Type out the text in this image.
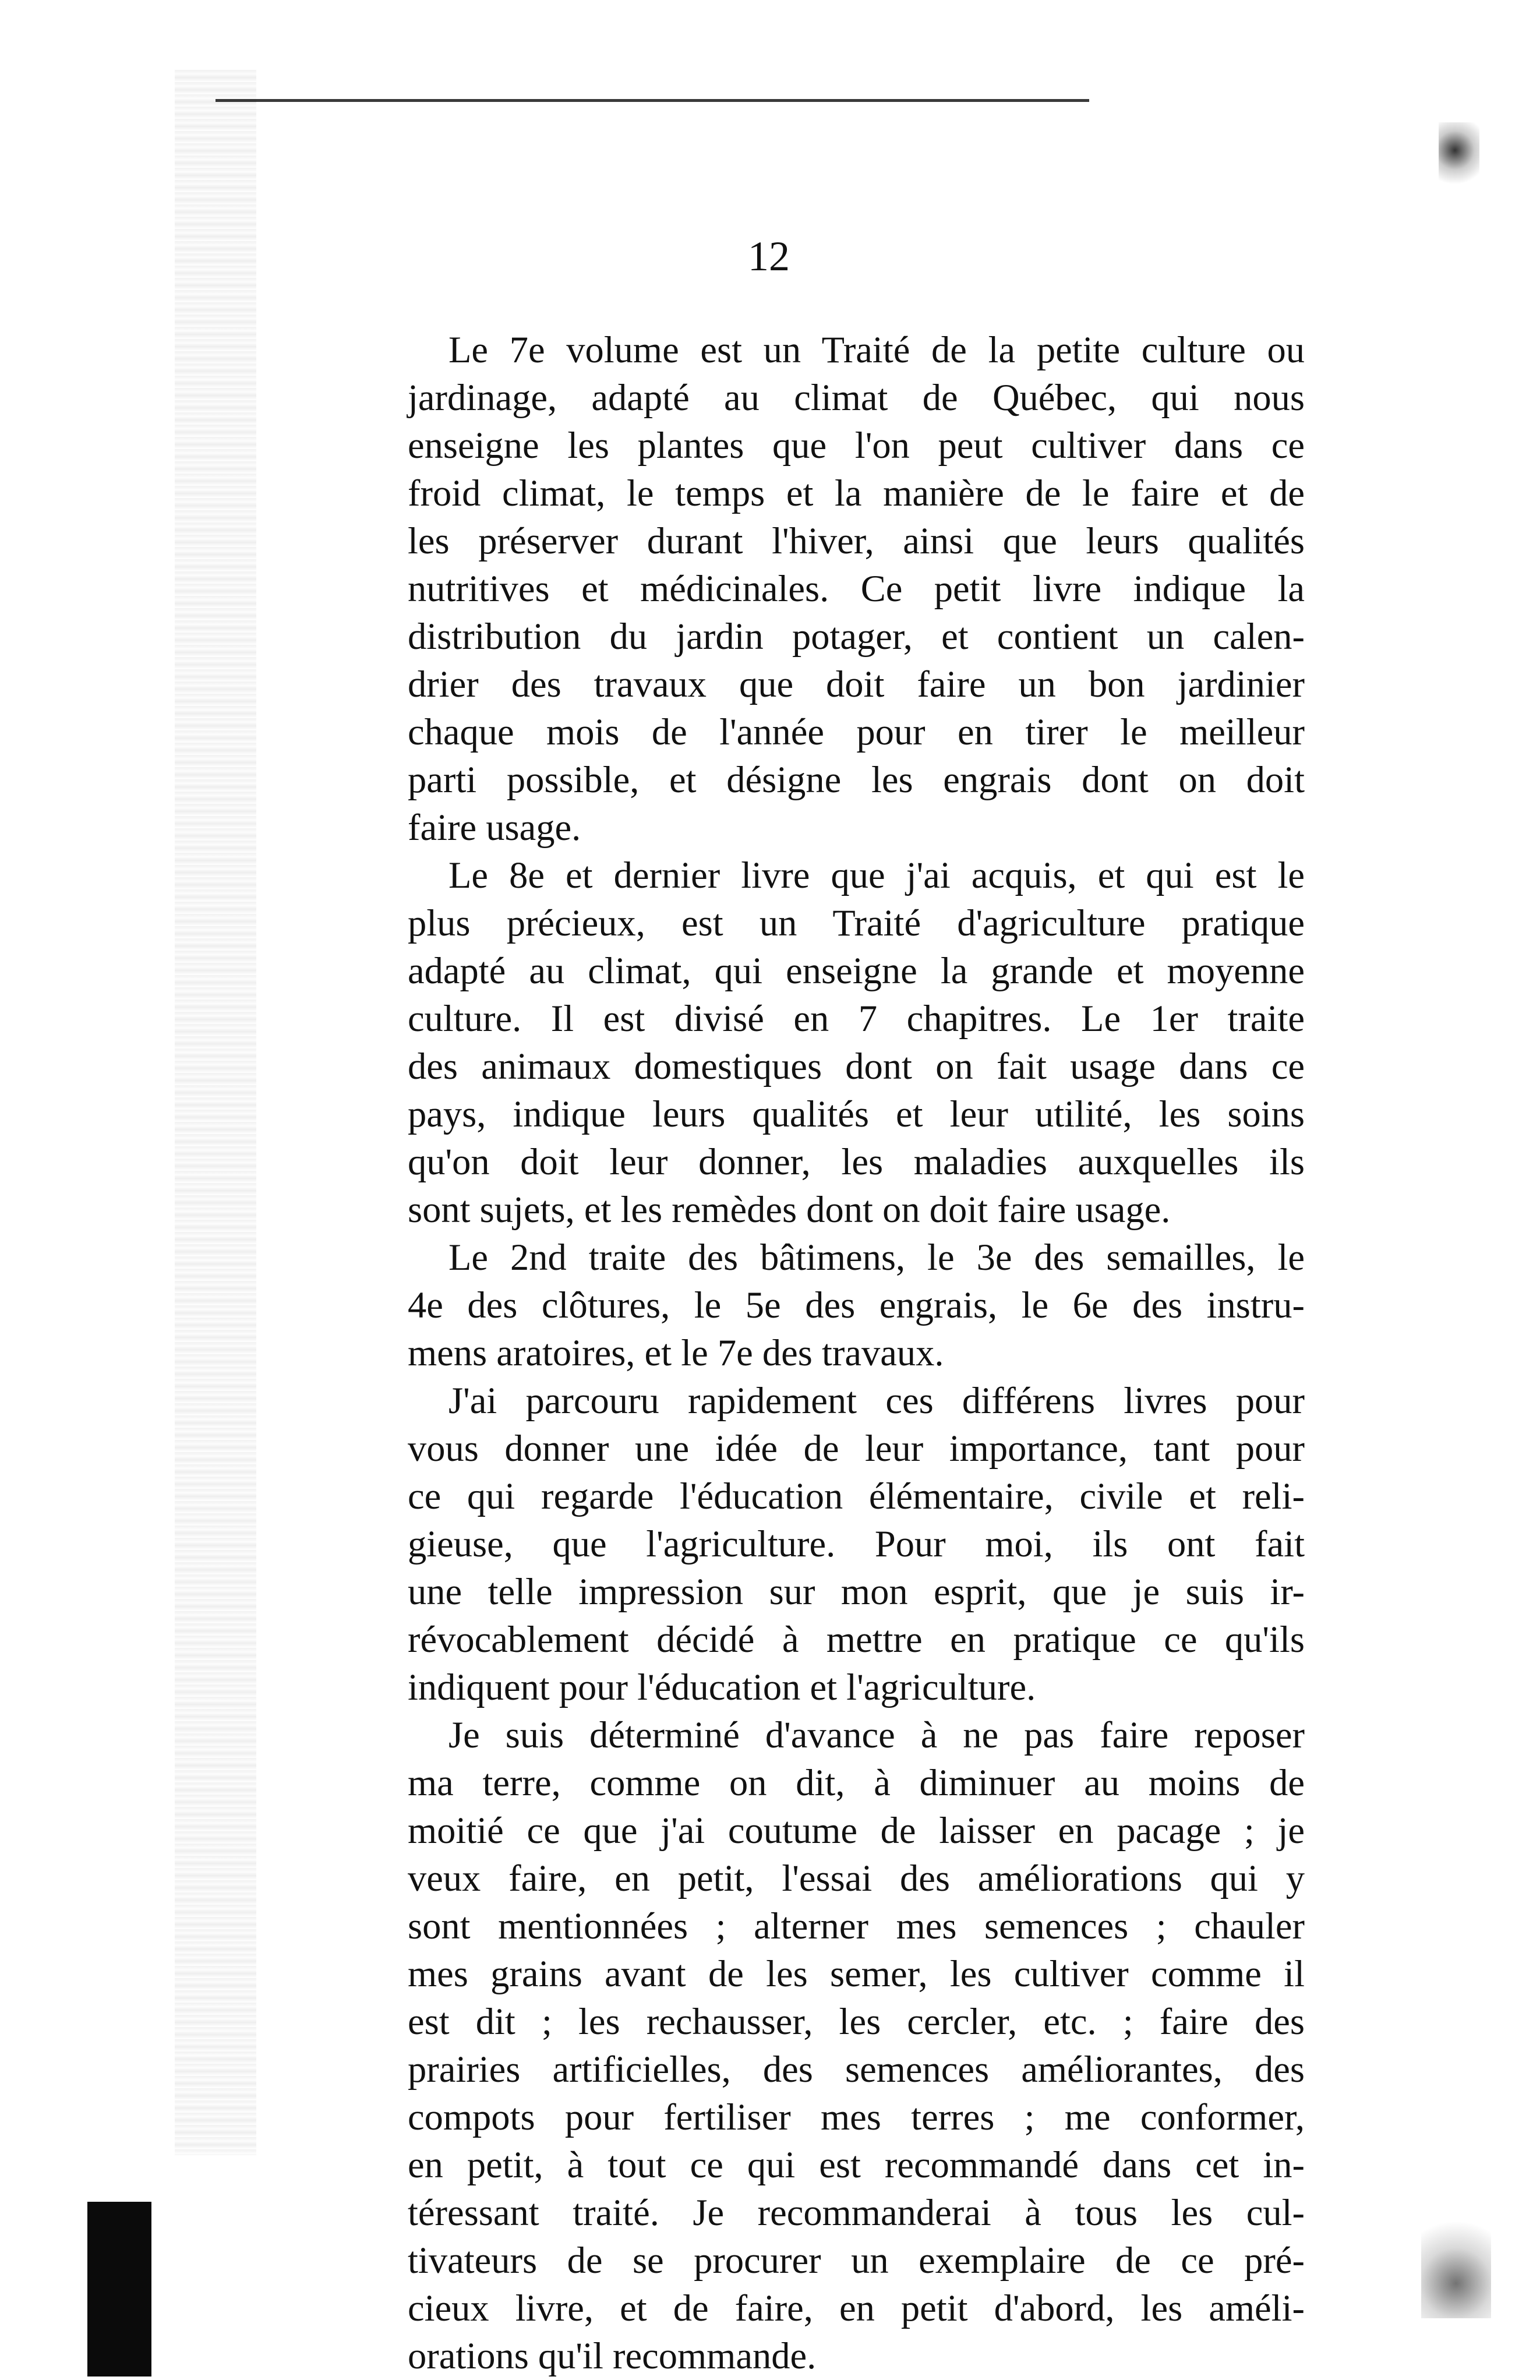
12
Le 7e volume est un Traité de la petite culture ou
jardinage, adapté au climat de Québec, qui nous
enseigne les plantes que l'on peut cultiver dans ce
froid climat, le temps et la manière de le faire et de
les préserver durant l'hiver, ainsi que leurs qualités
nutritives et médicinales. Ce petit livre indique la
distribution du jardin potager, et contient un calen-
drier des travaux que doit faire un bon jardinier
chaque mois de l'année pour en tirer le meilleur
parti possible, et désigne les engrais dont on doit
faire usage.
Le 8e et dernier livre que j'ai acquis, et qui est le
plus précieux, est un Traité d'agriculture pratique
adapté au climat, qui enseigne la grande et moyenne
culture. Il est divisé en 7 chapitres. Le 1er traite
des animaux domestiques dont on fait usage dans ce
pays, indique leurs qualités et leur utilité, les soins
qu'on doit leur donner, les maladies auxquelles ils
sont sujets, et les remèdes dont on doit faire usage.
Le 2nd traite des bâtimens, le 3e des semailles, le
4e des clôtures, le 5e des engrais, le 6e des instru-
mens aratoires, et le 7e des travaux.
J'ai parcouru rapidement ces différens livres pour
vous donner une idée de leur importance, tant pour
ce qui regarde l'éducation élémentaire, civile et reli-
gieuse, que l'agriculture. Pour moi, ils ont fait
une telle impression sur mon esprit, que je suis ir-
révocablement décidé à mettre en pratique ce qu'ils
indiquent pour l'éducation et l'agriculture.
Je suis déterminé d'avance à ne pas faire reposer
ma terre, comme on dit, à diminuer au moins de
moitié ce que j'ai coutume de laisser en pacage ; je
veux faire, en petit, l'essai des améliorations qui y
sont mentionnées ; alterner mes semences ; chauler
mes grains avant de les semer, les cultiver comme il
est dit ; les rechausser, les cercler, etc. ; faire des
prairies artificielles, des semences améliorantes, des
compots pour fertiliser mes terres ; me conformer,
en petit, à tout ce qui est recommandé dans cet in-
téressant traité. Je recommanderai à tous les cul-
tivateurs de se procurer un exemplaire de ce pré-
cieux livre, et de faire, en petit d'abord, les améli-
orations qu'il recommande.
